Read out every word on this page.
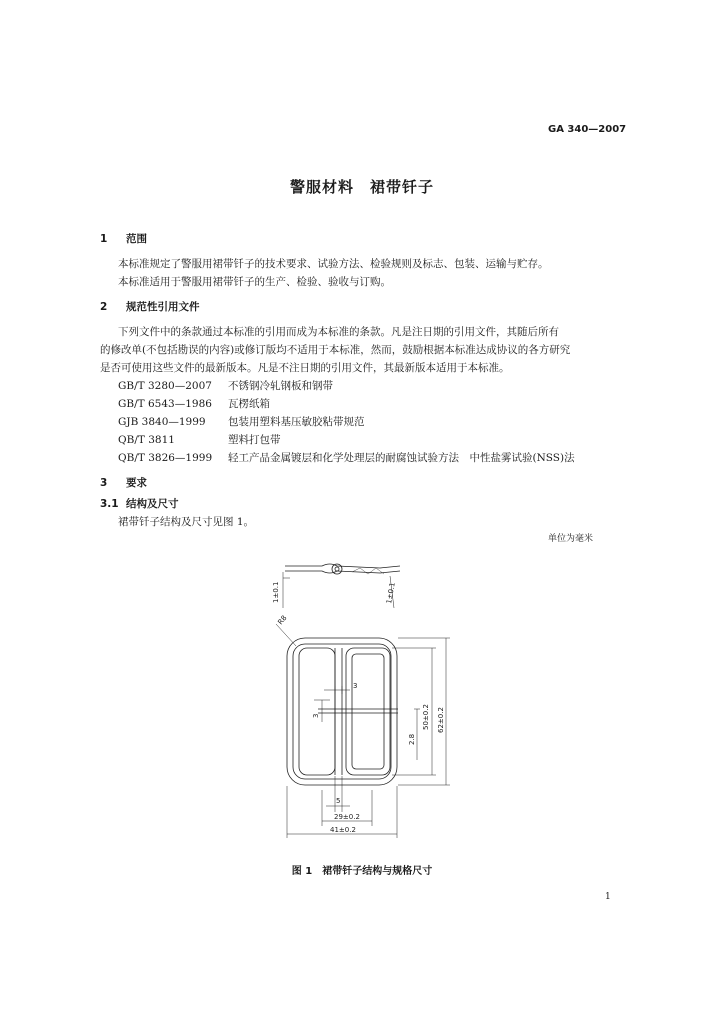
GA 340—2007
警服材料　裙带钎子
1 范围
本标准规定了警服用裙带钎子的技术要求、试验方法、检验规则及标志、包装、运输与贮存。
本标准适用于警服用裙带钎子的生产、检验、验收与订购。
2 规范性引用文件
下列文件中的条款通过本标准的引用而成为本标准的条款。凡是注日期的引用文件，其随后所有
的修改单(不包括勘误的内容)或修订版均不适用于本标准，然而，鼓励根据本标准达成协议的各方研究
是否可使用这些文件的最新版本。凡是不注日期的引用文件，其最新版本适用于本标准。
GB/T 3280—2007 不锈钢冷轧钢板和钢带
GB/T 6543—1986 瓦楞纸箱
GJB 3840—1999 包装用塑料基压敏胶粘带规范
QB/T 3811	塑料打包带
QB/T 3826—1999 轻工产品金属镀层和化学处理层的耐腐蚀试验方法　中性盐雾试验(NSS)法
3 要求
3.1 结构及尺寸
裙带钎子结构及尺寸见图 1。
单位为毫米
1±0.1	1±0.1
R8
50±0.2 62±0.2
3
3
2.8
5
29±0.2
41±0.2
图 1　裙带钎子结构与规格尺寸
1
